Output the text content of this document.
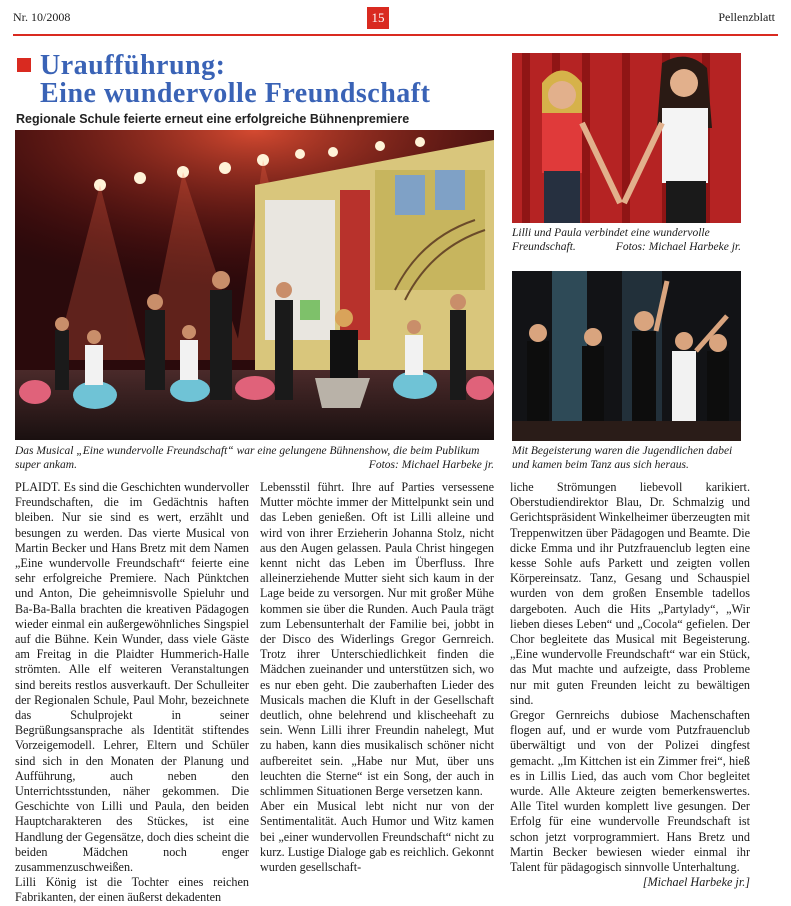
Nr. 10/2008	15	Pellenzblatt
Uraufführung:
Eine wundervolle Freundschaft
Regionale Schule feierte erneut eine erfolgreiche Bühnenpremiere
Das Musical „Eine wundervolle Freundschaft“ war eine gelungene Bühnenshow, die beim Publikum super ankam.	Fotos: Michael Harbeke jr.
Lilli und Paula verbindet eine wundervolle Freundschaft.	Fotos: Michael Harbeke jr.
Mit Begeisterung waren die Jugendlichen dabei und kamen beim Tanz aus sich heraus.

PLAIDT. Es sind die Geschichten wundervoller Freundschaften, die im Gedächtnis haften bleiben. Nur sie sind es wert, erzählt und besungen zu werden. Das vierte Musical von Martin Becker und Hans Bretz mit dem Namen „Eine wundervolle Freundschaft“ feierte eine sehr erfolgreiche Premiere. Nach Pünktchen und Anton, Die geheimnisvolle Spieluhr und Ba-Ba-Balla brachten die kreativen Pädagogen wieder einmal ein außergewöhnliches Singspiel auf die Bühne. Kein Wunder, dass viele Gäste am Freitag in die Plaidter Hummerich-Halle strömten. Alle elf weiteren Veranstaltungen sind bereits restlos ausverkauft. Der Schulleiter der Regionalen Schule, Paul Mohr, bezeichnete das Schulprojekt in seiner Begrüßungsansprache als Identität stiftendes Vorzeigemodell. Lehrer, Eltern und Schüler sind sich in den Monaten der Planung und Aufführung, auch neben den Unterrichtsstunden, näher gekommen. Die Geschichte von Lilli und Paula, den beiden Hauptcharakteren des Stückes, ist eine Handlung der Gegensätze, doch dies scheint die beiden Mädchen noch enger zusammenzuschweißen.

Lilli König ist die Tochter eines reichen Fabrikanten, der einen äußerst dekadenten

Lebensstil führt. Ihre auf Parties versessene Mutter möchte immer der Mittelpunkt sein und das Leben genießen. Oft ist Lilli alleine und wird von ihrer Erzieherin Johanna Stolz, nicht aus den Augen gelassen. Paula Christ hingegen kennt nicht das Leben im Überfluss. Ihre alleinerziehende Mutter sieht sich kaum in der Lage beide zu versorgen. Nur mit großer Mühe kommen sie über die Runden. Auch Paula trägt zum Lebensunterhalt der Familie bei, jobbt in der Disco des Widerlings Gregor Gernreich. Trotz ihrer Unterschiedlichkeit finden die Mädchen zueinander und unterstützen sich, wo es nur eben geht. Die zauberhaften Lieder des Musicals machen die Kluft in der Gesellschaft deutlich, ohne belehrend und klischeehaft zu sein. Wenn Lilli ihrer Freundin nahelegt, Mut zu haben, kann dies musikalisch schöner nicht aufbereitet sein. „Habe nur Mut, über uns leuchten die Sterne“ ist ein Song, der auch in schlimmen Situationen Berge versetzen kann.

Aber ein Musical lebt nicht nur von der Sentimentalität. Auch Humor und Witz kamen bei „einer wundervollen Freundschaft“ nicht zu kurz. Lustige Dialoge gab es reichlich. Gekonnt wurden gesellschaft-

liche Strömungen liebevoll karikiert. Oberstudiendirektor Blau, Dr. Schmalzig und Gerichtspräsident Winkelheimer überzeugten mit Treppenwitzen über Pädagogen und Beamte. Die dicke Emma und ihr Putzfrauenclub legten eine kesse Sohle aufs Parkett und zeigten vollen Körpereinsatz. Tanz, Gesang und Schauspiel wurden von dem großen Ensemble tadellos dargeboten. Auch die Hits „Partylady“, „Wir lieben dieses Leben“ und „Cocola“ gefielen. Der Chor begleitete das Musical mit Begeisterung. „Eine wundervolle Freundschaft“ war ein Stück, das Mut machte und aufzeigte, dass Probleme nur mit guten Freunden leicht zu bewältigen sind.

Gregor Gernreichs dubiose Machenschaften flogen auf, und er wurde vom Putzfrauenclub überwältigt und von der Polizei dingfest gemacht. „Im Kittchen ist ein Zimmer frei“, hieß es in Lillis Lied, das auch vom Chor begleitet wurde. Alle Akteure zeigten bemerkenswertes. Alle Titel wurden komplett live gesungen. Der Erfolg für eine wundervolle Freundschaft ist schon jetzt vorprogrammiert. Hans Bretz und Martin Becker bewiesen wieder einmal ihr Talent für pädagogisch sinnvolle Unterhaltung.
[Michael Harbeke jr.]
